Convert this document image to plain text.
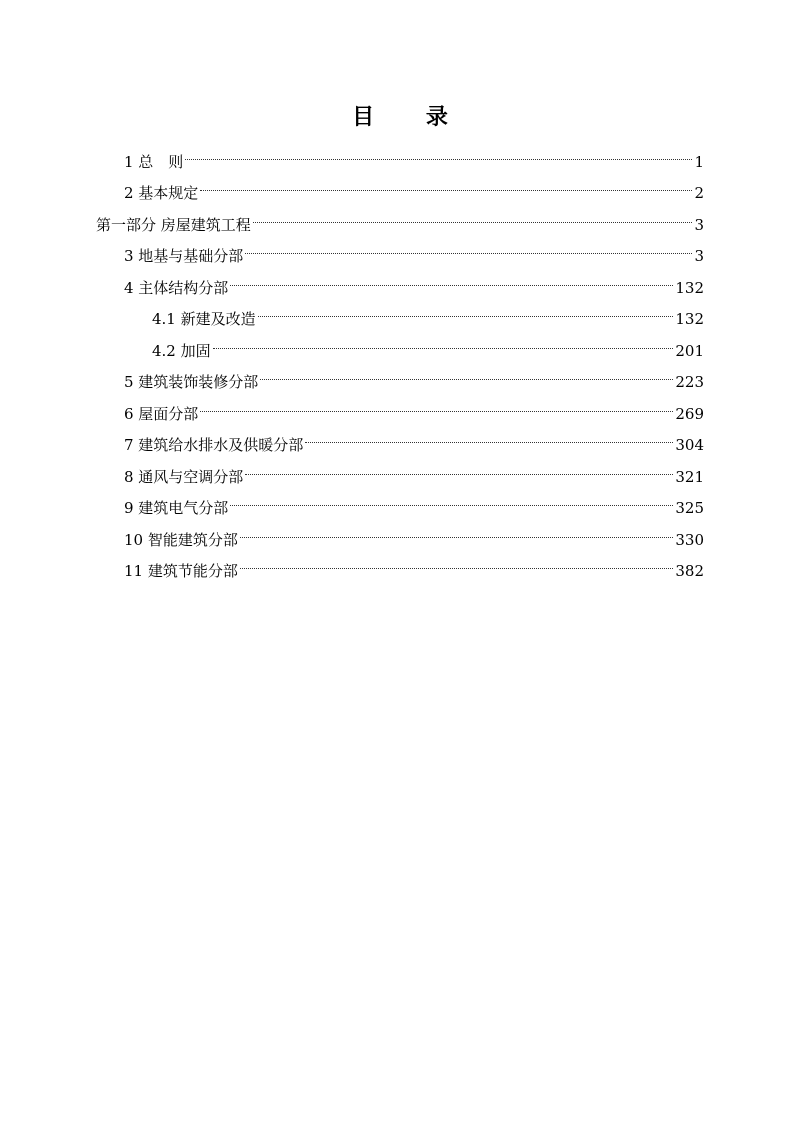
目 录
1 总　则	1
2 基本规定	2
第一部分 房屋建筑工程	3
3 地基与基础分部	3
4 主体结构分部	132
4.1 新建及改造	132
4.2 加固	201
5 建筑装饰装修分部	223
6 屋面分部	269
7 建筑给水排水及供暖分部	304
8 通风与空调分部	321
9 建筑电气分部	325
10 智能建筑分部	330
11 建筑节能分部	382
